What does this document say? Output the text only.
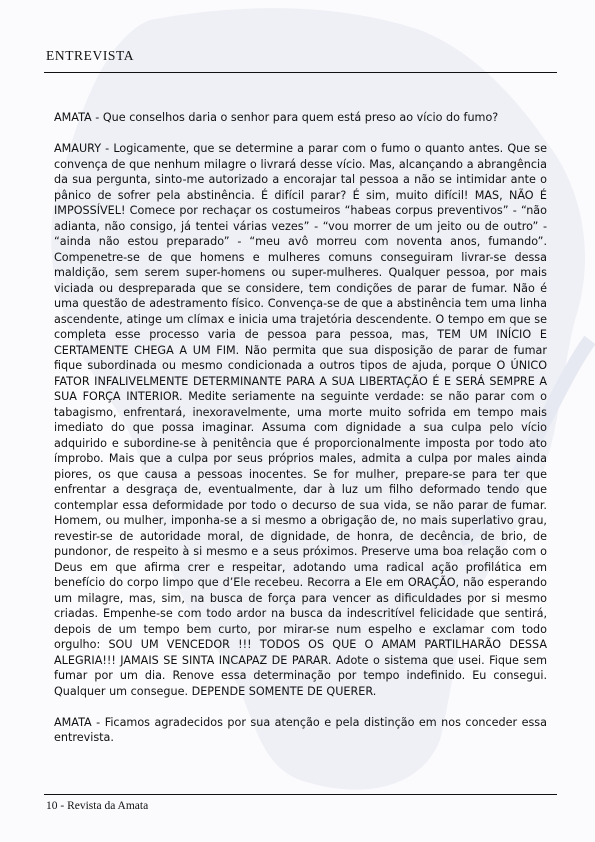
ENTREVISTA

AMATA - Que conselhos daria o senhor para quem está preso ao vício do fumo?

AMAURY - Logicamente, que se determine a parar com o fumo o quanto antes. Que se convença de que nenhum milagre o livrará desse vício. Mas, alcançando a abrangência da sua pergunta, sinto-me autorizado a encorajar tal pessoa a não se intimidar ante o pânico de sofrer pela abstinência. É difícil parar? É sim, muito difícil! MAS, NÃO É IMPOSSÍVEL! Comece por rechaçar os costumeiros “habeas corpus preventivos” - “não adianta, não consigo, já tentei várias vezes” - “vou morrer de um jeito ou de outro” - “ainda não estou preparado” - “meu avô morreu com noventa anos, fumando”. Compenetre-se de que homens e mulheres comuns conseguiram livrar-se dessa maldição, sem serem super-homens ou super-mulheres. Qualquer pessoa, por mais viciada ou despreparada que se considere, tem condições de parar de fumar. Não é uma questão de adestramento físico. Convença-se de que a abstinência tem uma linha ascendente, atinge um clímax e inicia uma trajetória descendente. O tempo em que se completa esse processo varia de pessoa para pessoa, mas, TEM UM INÍCIO E CERTAMENTE CHEGA A UM FIM. Não permita que sua disposição de parar de fumar fique subordinada ou mesmo condicionada a outros tipos de ajuda, porque O ÚNICO FATOR INFALIVELMENTE DETERMINANTE PARA A SUA LIBERTAÇÃO É E SERÁ SEMPRE A SUA FORÇA INTERIOR. Medite seriamente na seguinte verdade: se não parar com o tabagismo, enfrentará, inexoravelmente, uma morte muito sofrida em tempo mais imediato do que possa imaginar. Assuma com dignidade a sua culpa pelo vício adquirido e subordine-se à penitência que é proporcionalmente imposta por todo ato ímprobo. Mais que a culpa por seus próprios males, admita a culpa por males ainda piores, os que causa a pessoas inocentes. Se for mulher, prepare-se para ter que enfrentar a desgraça de, eventualmente, dar à luz um filho deformado tendo que contemplar essa deformidade por todo o decurso de sua vida, se não parar de fumar. Homem, ou mulher, imponha-se a si mesmo a obrigação de, no mais superlativo grau, revestir-se de autoridade moral, de dignidade, de honra, de decência, de brio, de pundonor, de respeito à si mesmo e a seus próximos. Preserve uma boa relação com o Deus em que afirma crer e respeitar, adotando uma radical ação profilática em benefício do corpo limpo que d’Ele recebeu. Recorra a Ele em ORAÇÃO, não esperando um milagre, mas, sim, na busca de força para vencer as dificuldades por si mesmo criadas. Empenhe-se com todo ardor na busca da indescritível felicidade que sentirá, depois de um tempo bem curto, por mirar-se num espelho e exclamar com todo orgulho: SOU UM VENCEDOR !!! TODOS OS QUE O AMAM PARTILHARÃO DESSA ALEGRIA!!! JAMAIS SE SINTA INCAPAZ DE PARAR. Adote o sistema que usei. Fique sem fumar por um dia. Renove essa determinação por tempo indefinido. Eu consegui. Qualquer um consegue. DEPENDE SOMENTE DE QUERER.

AMATA - Ficamos agradecidos por sua atenção e pela distinção em nos conceder essa entrevista.

10 - Revista da Amata
